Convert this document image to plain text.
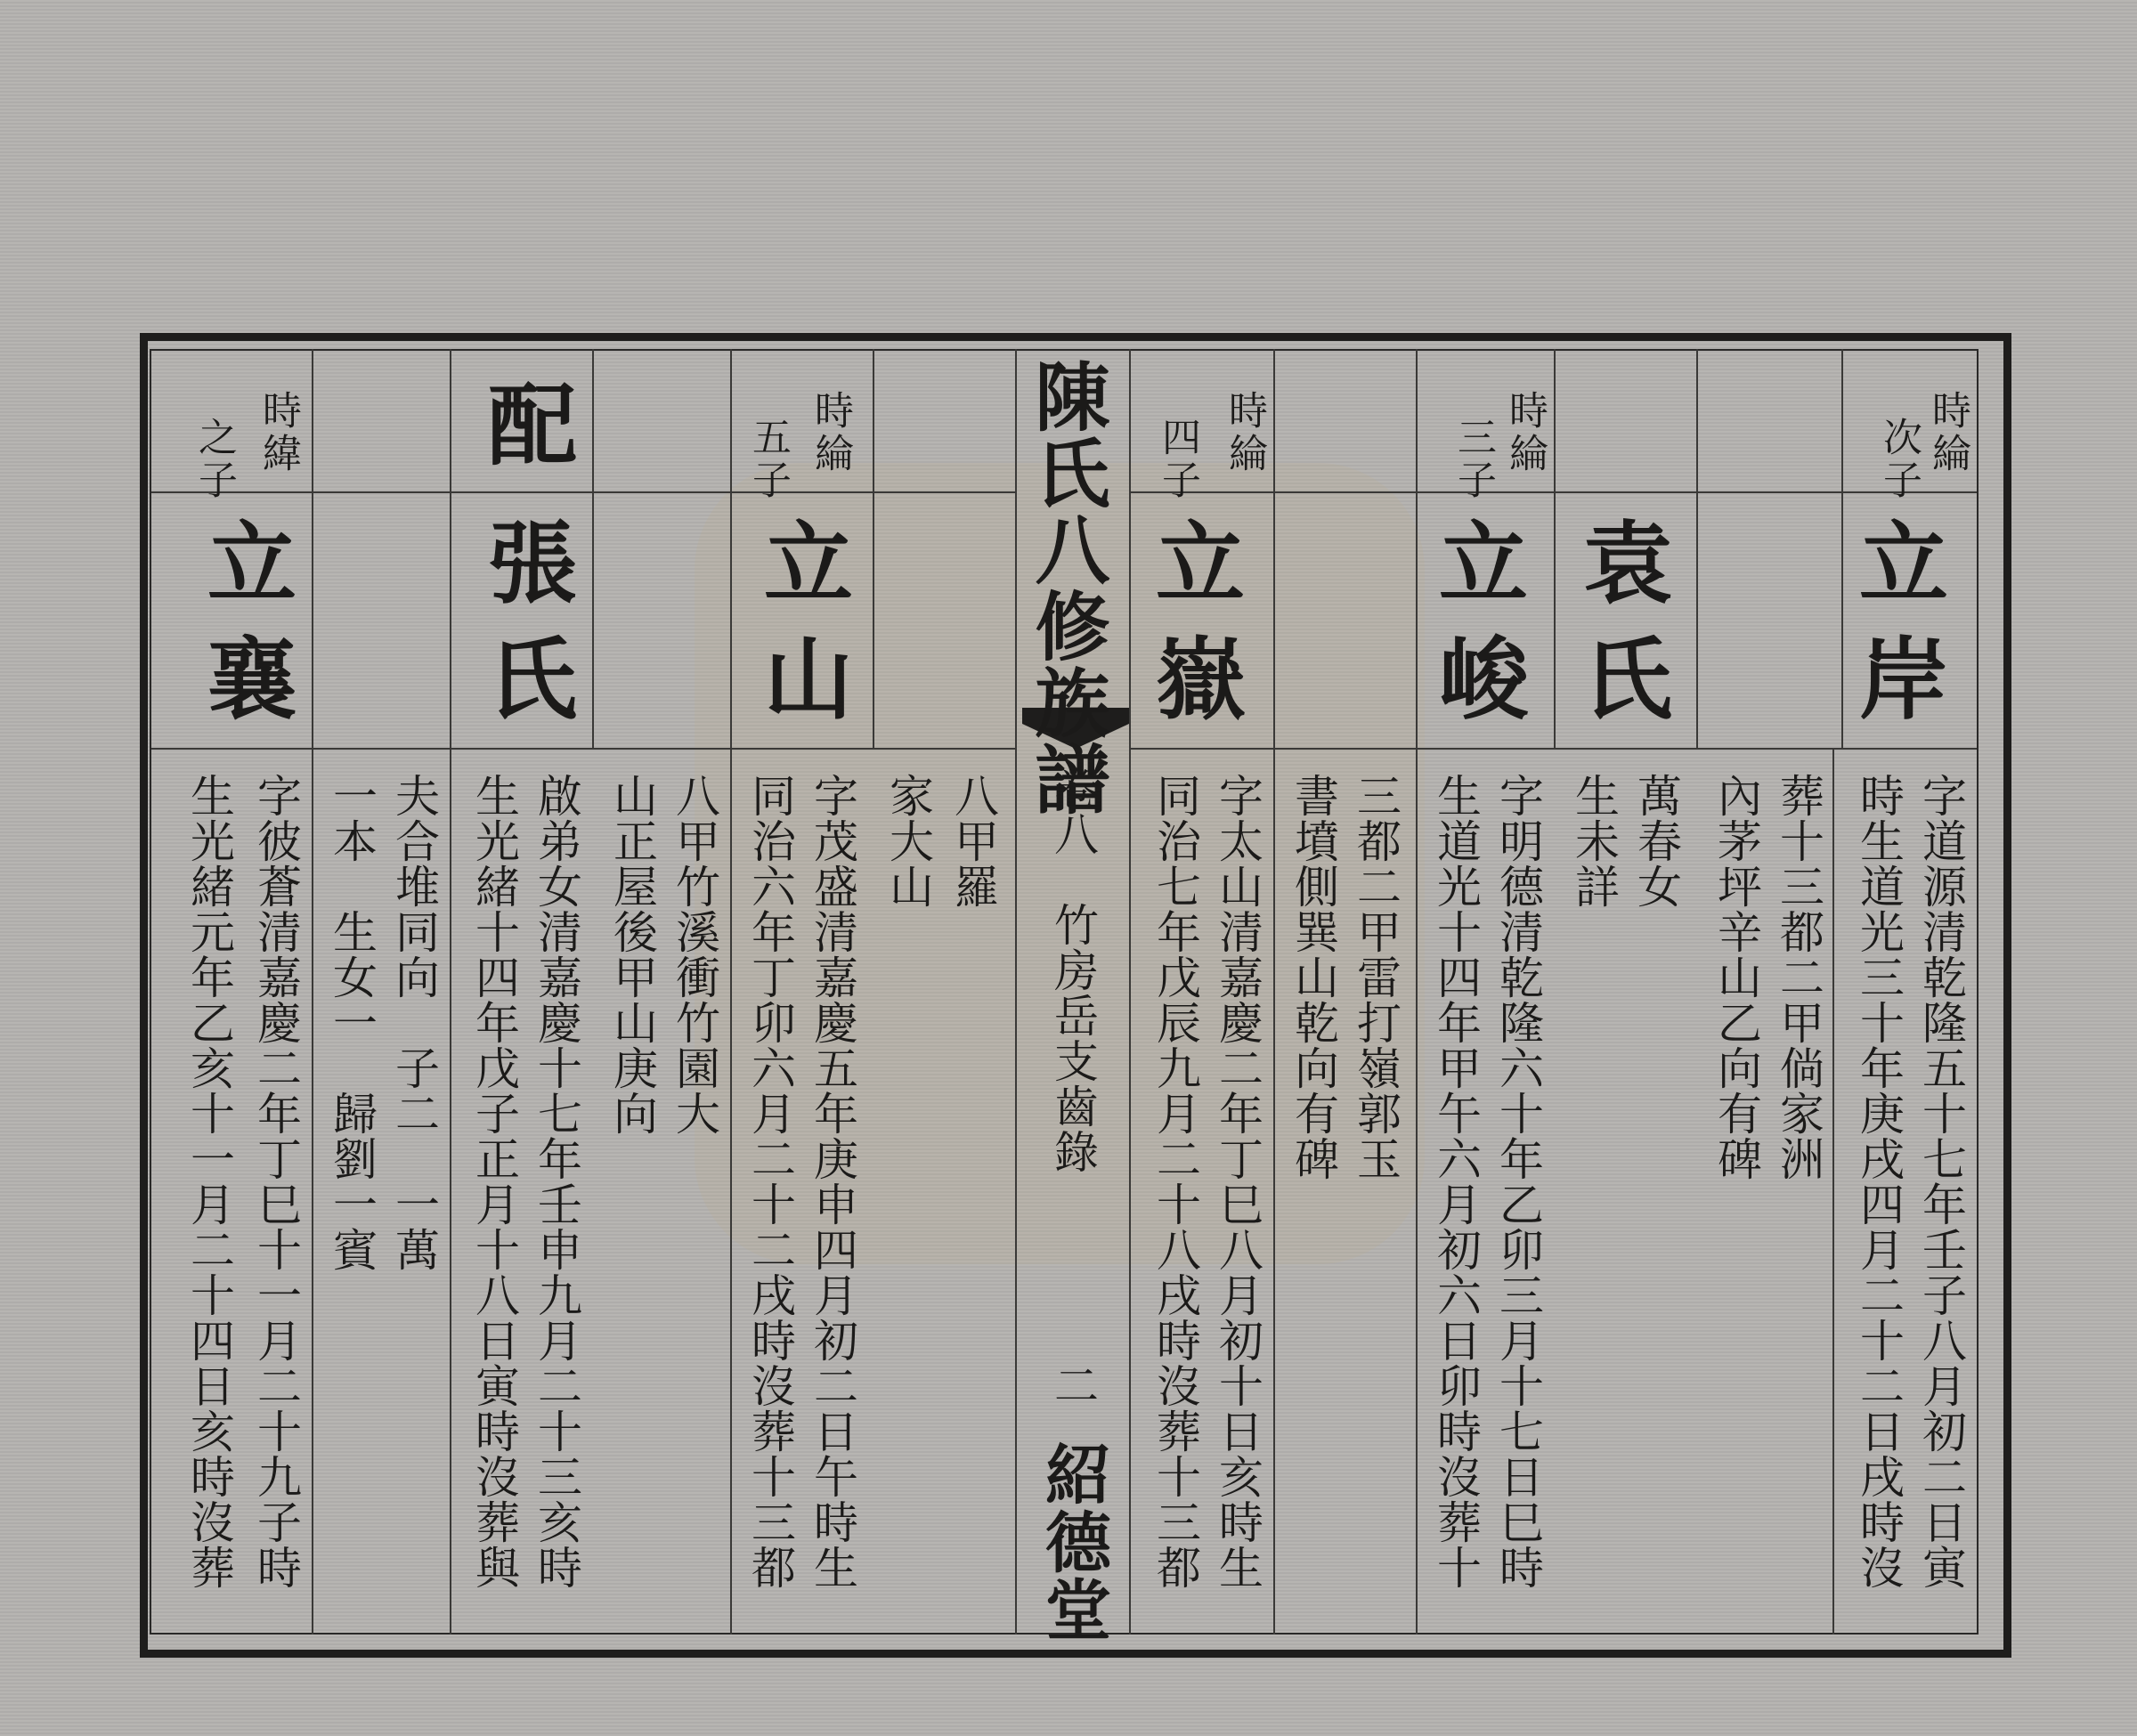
陳氏八修族譜
卷八　竹房岳支齒錄
二
紹德堂
時綸
次子
立岸
字道源清乾隆五十七年壬子八月初二日寅
時生道光三十年庚戌四月二十二日戌時沒
葬十三都二甲倘家洲
內茅坪辛山乙向有碑
袁氏
萬春女
生未詳
時綸
三子
立峻
字明德清乾隆六十年乙卯三月十七日巳時
生道光十四年甲午六月初六日卯時沒葬十
三都二甲雷打嶺郭玉
書墳側巽山乾向有碑
時綸
四子
立嶽
字太山清嘉慶二年丁巳八月初十日亥時生
同治七年戊辰九月二十八戌時沒葬十三都
時綸
五子
立山
字茂盛清嘉慶五年庚申四月初二日午時生
同治六年丁卯六月二十二戌時沒葬十三都
八甲竹溪衝竹園大
山正屋後甲山庚向
配
張氏
八甲羅
家大山
啟弟女清嘉慶十七年壬申九月二十三亥時
生光緒十四年戊子正月十八日寅時沒葬與
夫合堆同向　子二　一萬
一本　生女一　歸劉一賓
時緯
之子
立襄
字彼蒼清嘉慶二年丁巳十一月二十九子時
生光緒元年乙亥十一月二十四日亥時沒葬
